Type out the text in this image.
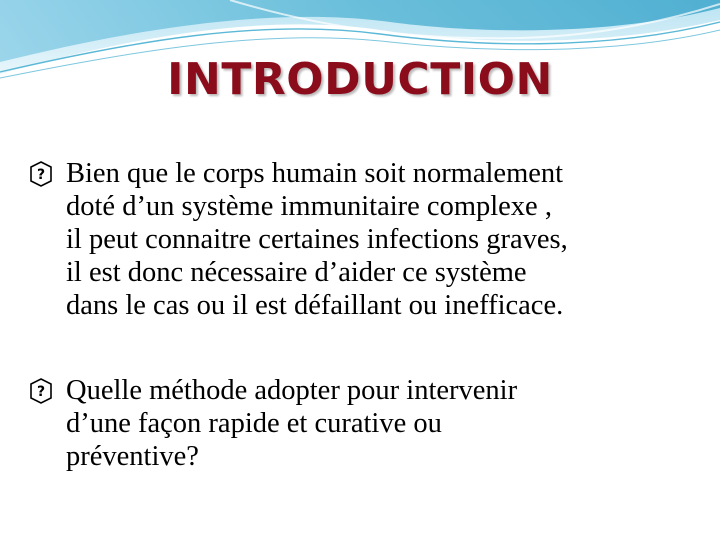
INTRODUCTION
? Bien que le corps humain soit normalement
doté d’un système immunitaire complexe ,
il peut connaitre certaines infections graves,
il est donc nécessaire d’aider ce système
dans le cas ou il est défaillant ou inefficace.
? Quelle méthode adopter pour intervenir
d’une façon rapide et curative ou
préventive?
